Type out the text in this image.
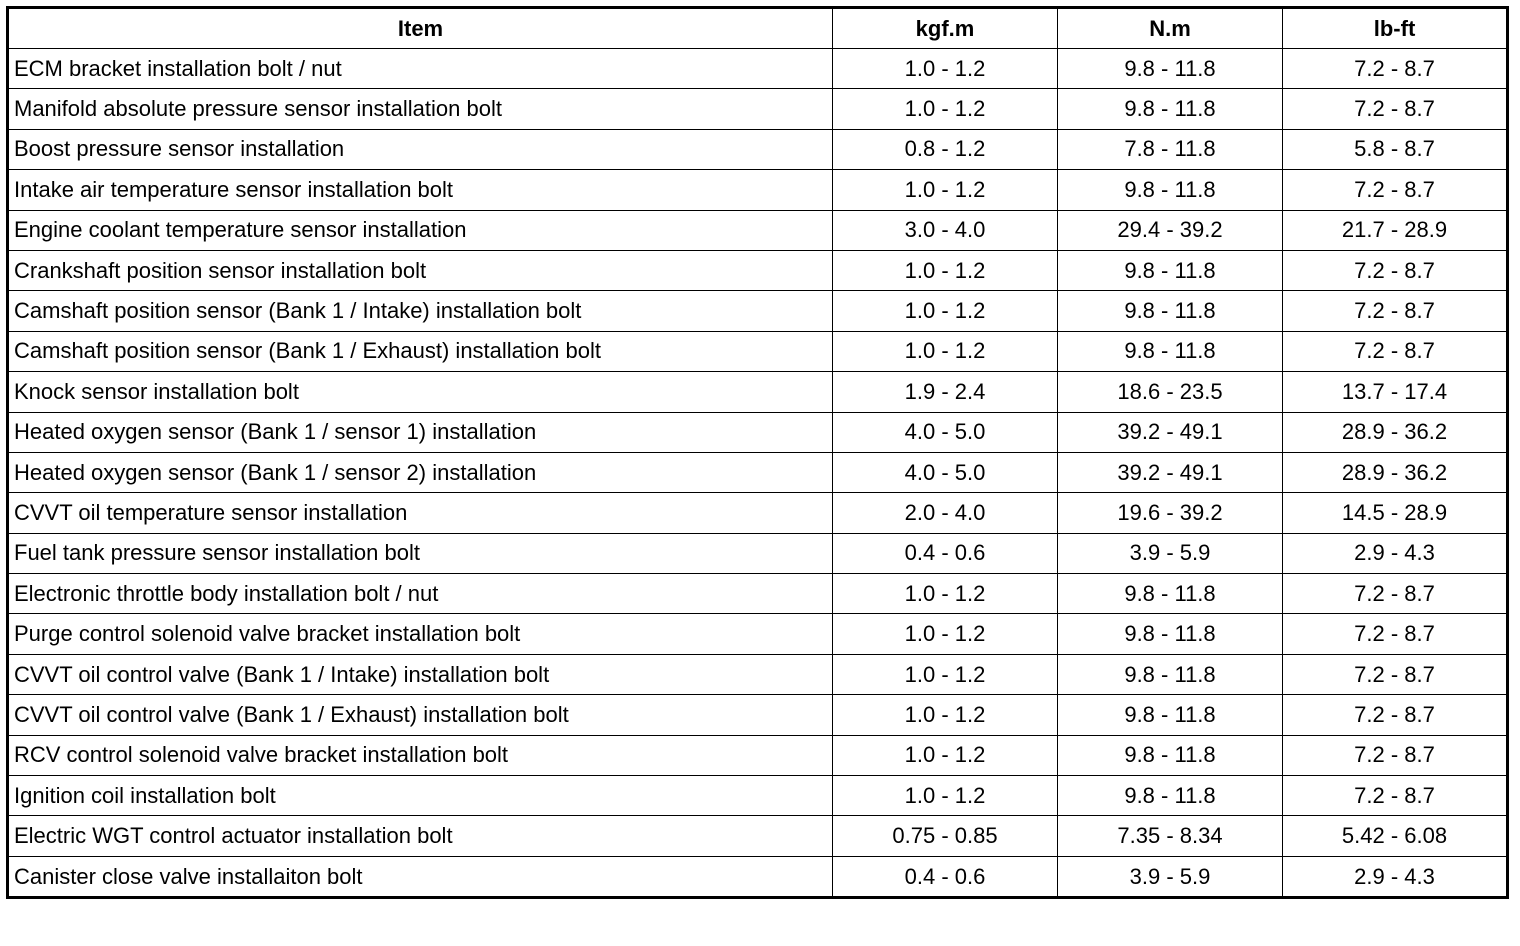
Item	kgf.m	N.m	lb-ft
ECM bracket installation bolt / nut	1.0 - 1.2	9.8 - 11.8	7.2 - 8.7
Manifold absolute pressure sensor installation bolt	1.0 - 1.2	9.8 - 11.8	7.2 - 8.7
Boost pressure sensor installation	0.8 - 1.2	7.8 - 11.8	5.8 - 8.7
Intake air temperature sensor installation bolt	1.0 - 1.2	9.8 - 11.8	7.2 - 8.7
Engine coolant temperature sensor installation	3.0 - 4.0	29.4 - 39.2	21.7 - 28.9
Crankshaft position sensor installation bolt	1.0 - 1.2	9.8 - 11.8	7.2 - 8.7
Camshaft position sensor (Bank 1 / Intake) installation bolt	1.0 - 1.2	9.8 - 11.8	7.2 - 8.7
Camshaft position sensor (Bank 1 / Exhaust) installation bolt	1.0 - 1.2	9.8 - 11.8	7.2 - 8.7
Knock sensor installation bolt	1.9 - 2.4	18.6 - 23.5	13.7 - 17.4
Heated oxygen sensor (Bank 1 / sensor 1) installation	4.0 - 5.0	39.2 - 49.1	28.9 - 36.2
Heated oxygen sensor (Bank 1 / sensor 2) installation	4.0 - 5.0	39.2 - 49.1	28.9 - 36.2
CVVT oil temperature sensor installation	2.0 - 4.0	19.6 - 39.2	14.5 - 28.9
Fuel tank pressure sensor installation bolt	0.4 - 0.6	3.9 - 5.9	2.9 - 4.3
Electronic throttle body installation bolt / nut	1.0 - 1.2	9.8 - 11.8	7.2 - 8.7
Purge control solenoid valve bracket installation bolt	1.0 - 1.2	9.8 - 11.8	7.2 - 8.7
CVVT oil control valve (Bank 1 / Intake) installation bolt	1.0 - 1.2	9.8 - 11.8	7.2 - 8.7
CVVT oil control valve (Bank 1 / Exhaust) installation bolt	1.0 - 1.2	9.8 - 11.8	7.2 - 8.7
RCV control solenoid valve bracket installation bolt	1.0 - 1.2	9.8 - 11.8	7.2 - 8.7
Ignition coil installation bolt	1.0 - 1.2	9.8 - 11.8	7.2 - 8.7
Electric WGT control actuator installation bolt	0.75 - 0.85	7.35 - 8.34	5.42 - 6.08
Canister close valve installaiton bolt	0.4 - 0.6	3.9 - 5.9	2.9 - 4.3
